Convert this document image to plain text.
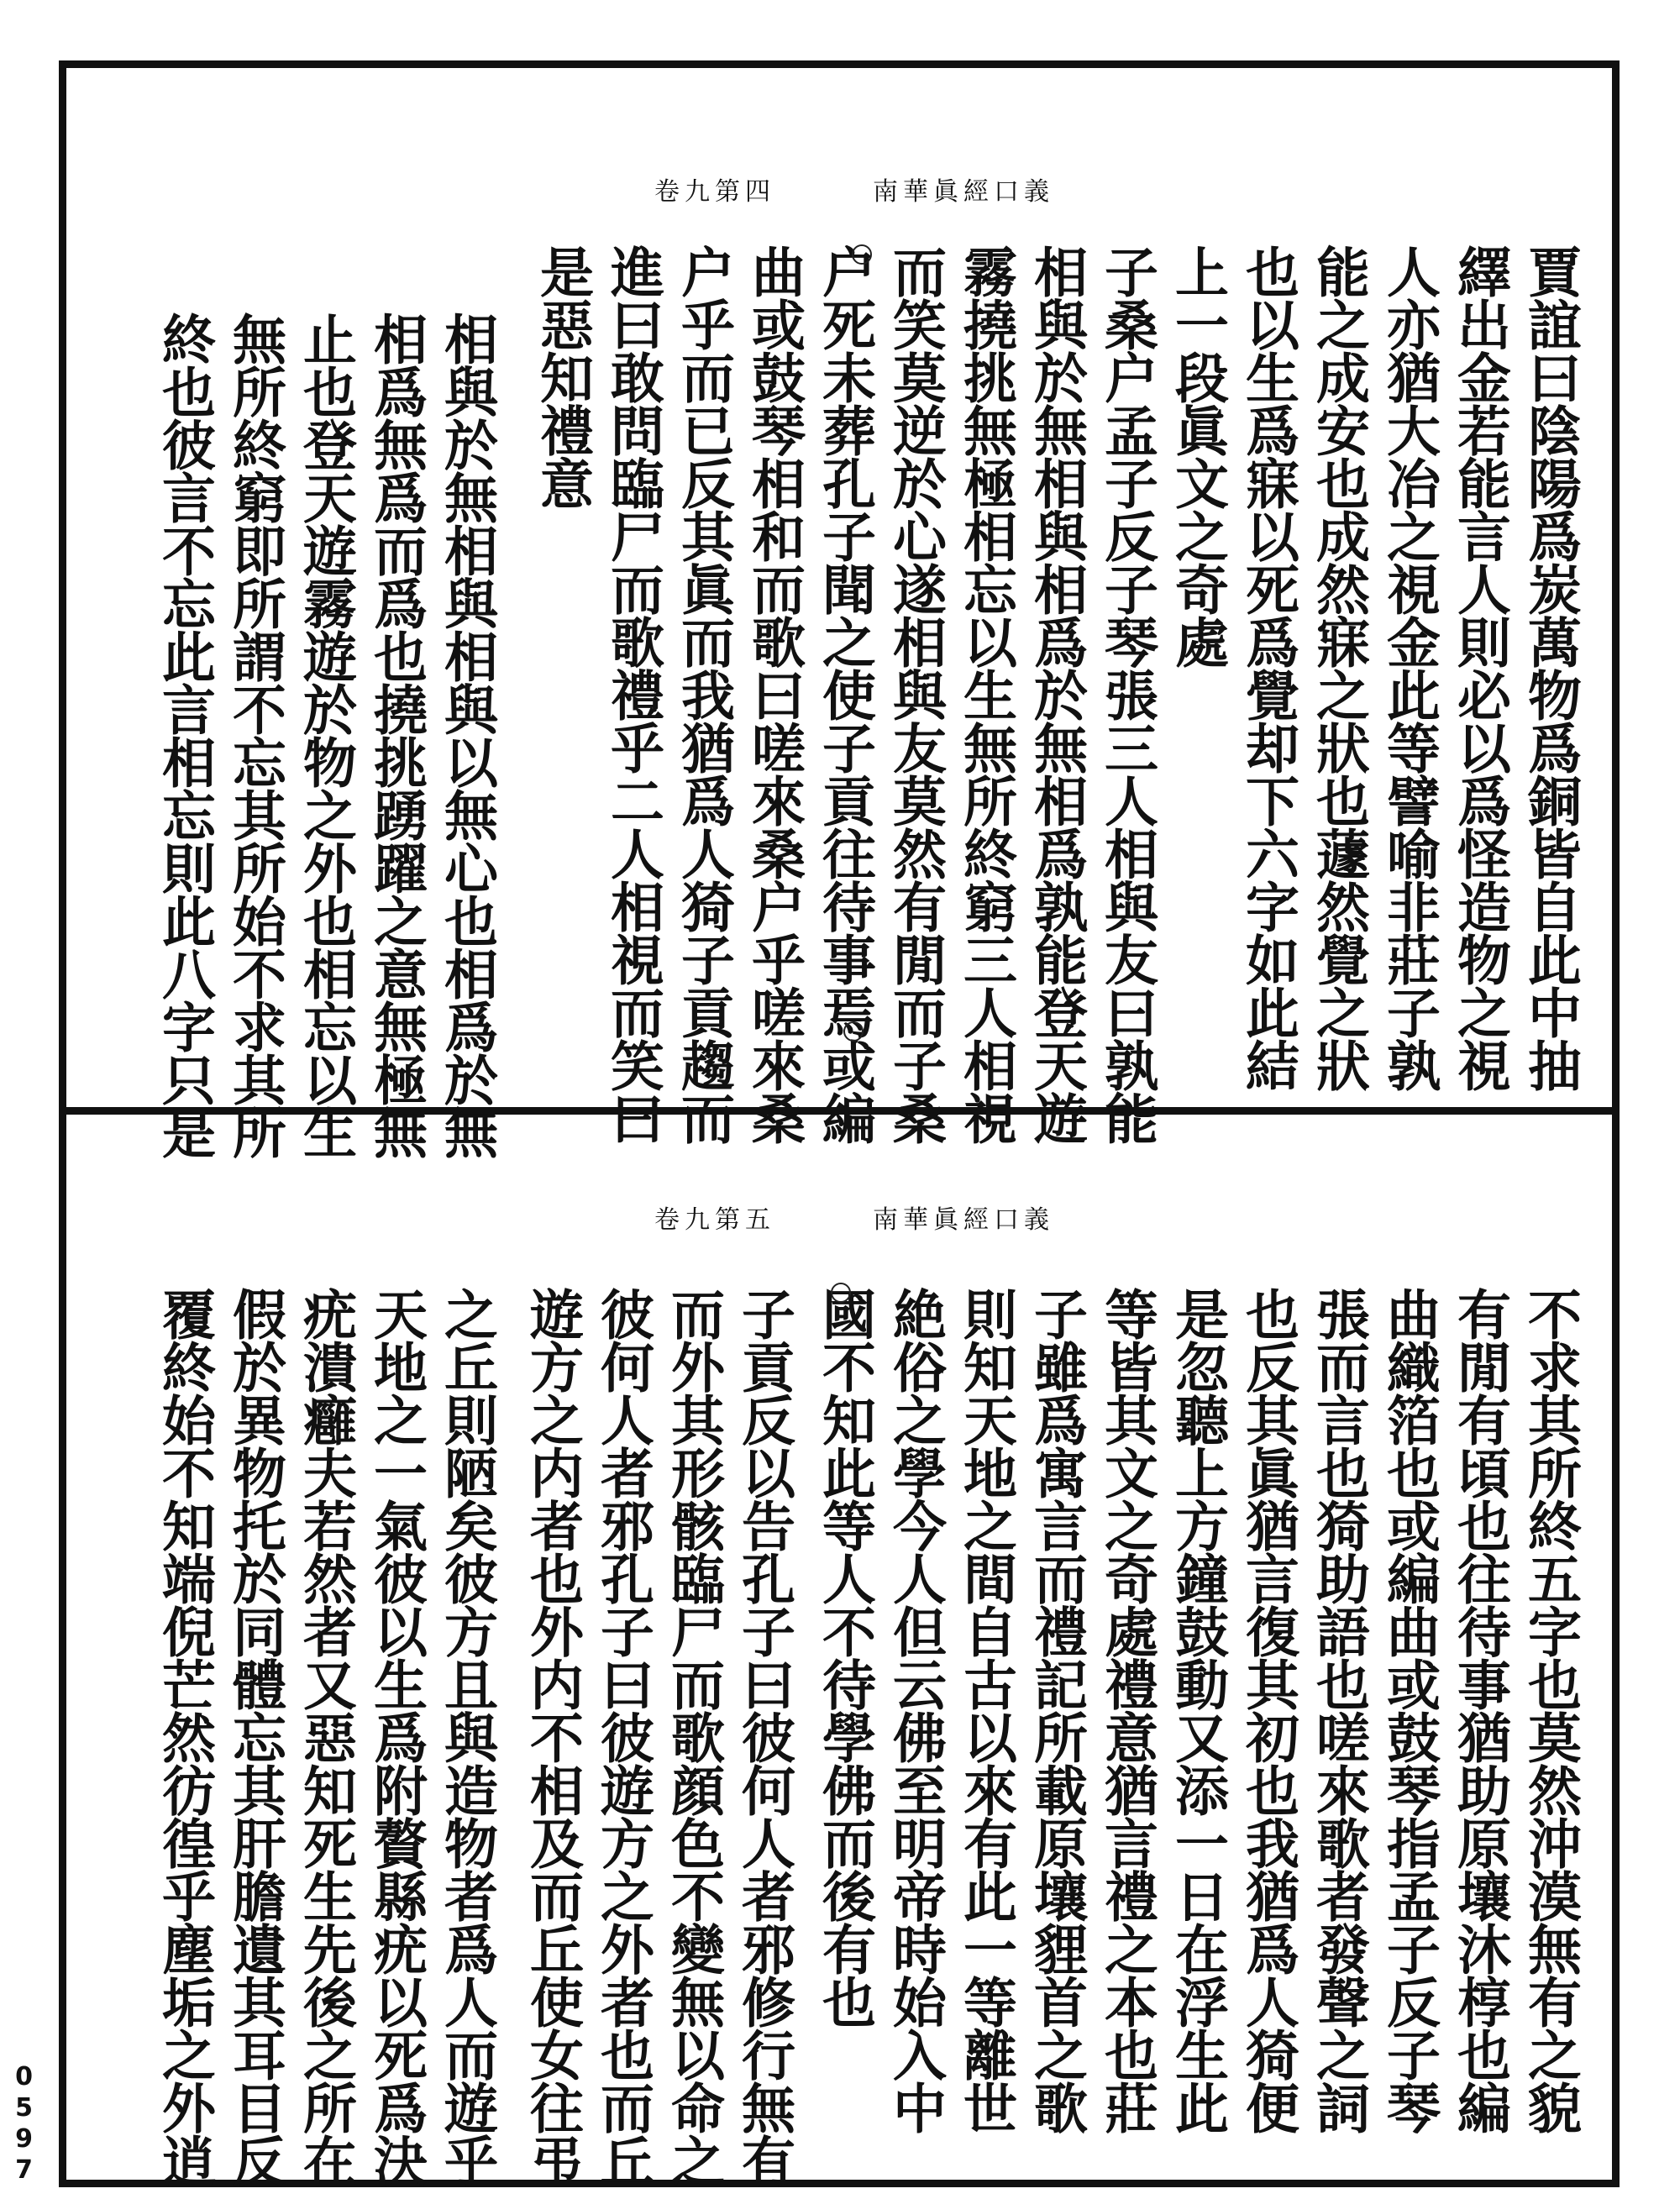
南華眞經口義
卷九第四
賈誼曰陰陽爲炭萬物爲銅皆自此中抽
繹出金若能言人則必以爲怪造物之視
人亦猶大冶之視金此等譬喻非莊子孰
能之成安也成然寐之狀也蘧然覺之狀
也以生爲寐以死爲覺却下六字如此結
上一段眞文之奇處
子桑户孟子反子琴張三人相與友曰孰能
相與於無相與相爲於無相爲孰能登天遊
霧撓挑無極相忘以生無所終窮三人相視
而笑莫逆於心遂相與友莫然有閒而子桑
户死未葬孔子聞之使子貢往待事焉或編
曲或鼓琴相和而歌曰嗟來桑户乎嗟來桑
户乎而已反其眞而我猶爲人猗子貢趨而
進曰敢問臨尸而歌禮乎二人相視而笑曰
是惡知禮意
相與於無相與相與以無心也相爲於無
相爲無爲而爲也撓挑踴躍之意無極無
止也登天遊霧遊於物之外也相忘以生
無所終窮即所謂不忘其所始不求其所
終也彼言不忘此言相忘則此八字只是
南華眞經口義
卷九第五
不求其所終五字也莫然沖漠無有之貌
有閒有頃也往待事猶助原壤沐椁也編
曲織箔也或編曲或鼓琴指孟子反子琴
張而言也猗助語也嗟來歌者發聲之詞
也反其眞猶言復其初也我猶爲人猗便
是忽聽上方鐘鼓動又添一日在浮生此
等皆其文之奇處禮意猶言禮之本也莊
子雖爲寓言而禮記所載原壤貍首之歌
則知天地之間自古以來有此一等離世
絶俗之學今人但云佛至明帝時始入中
國不知此等人不待學佛而後有也
子貢反以告孔子曰彼何人者邪修行無有
而外其形骸臨尸而歌顔色不變無以命之
彼何人者邪孔子曰彼遊方之外者也而丘
遊方之内者也外内不相及而丘使女往弔
之丘則陋矣彼方且與造物者爲人而遊乎
天地之一氣彼以生爲附贅縣疣以死爲決
疣潰癰夫若然者又惡知死生先後之所在
假於異物托於同體忘其肝膽遺其耳目反
覆終始不知端倪芒然彷徨乎塵垢之外逍
0597
